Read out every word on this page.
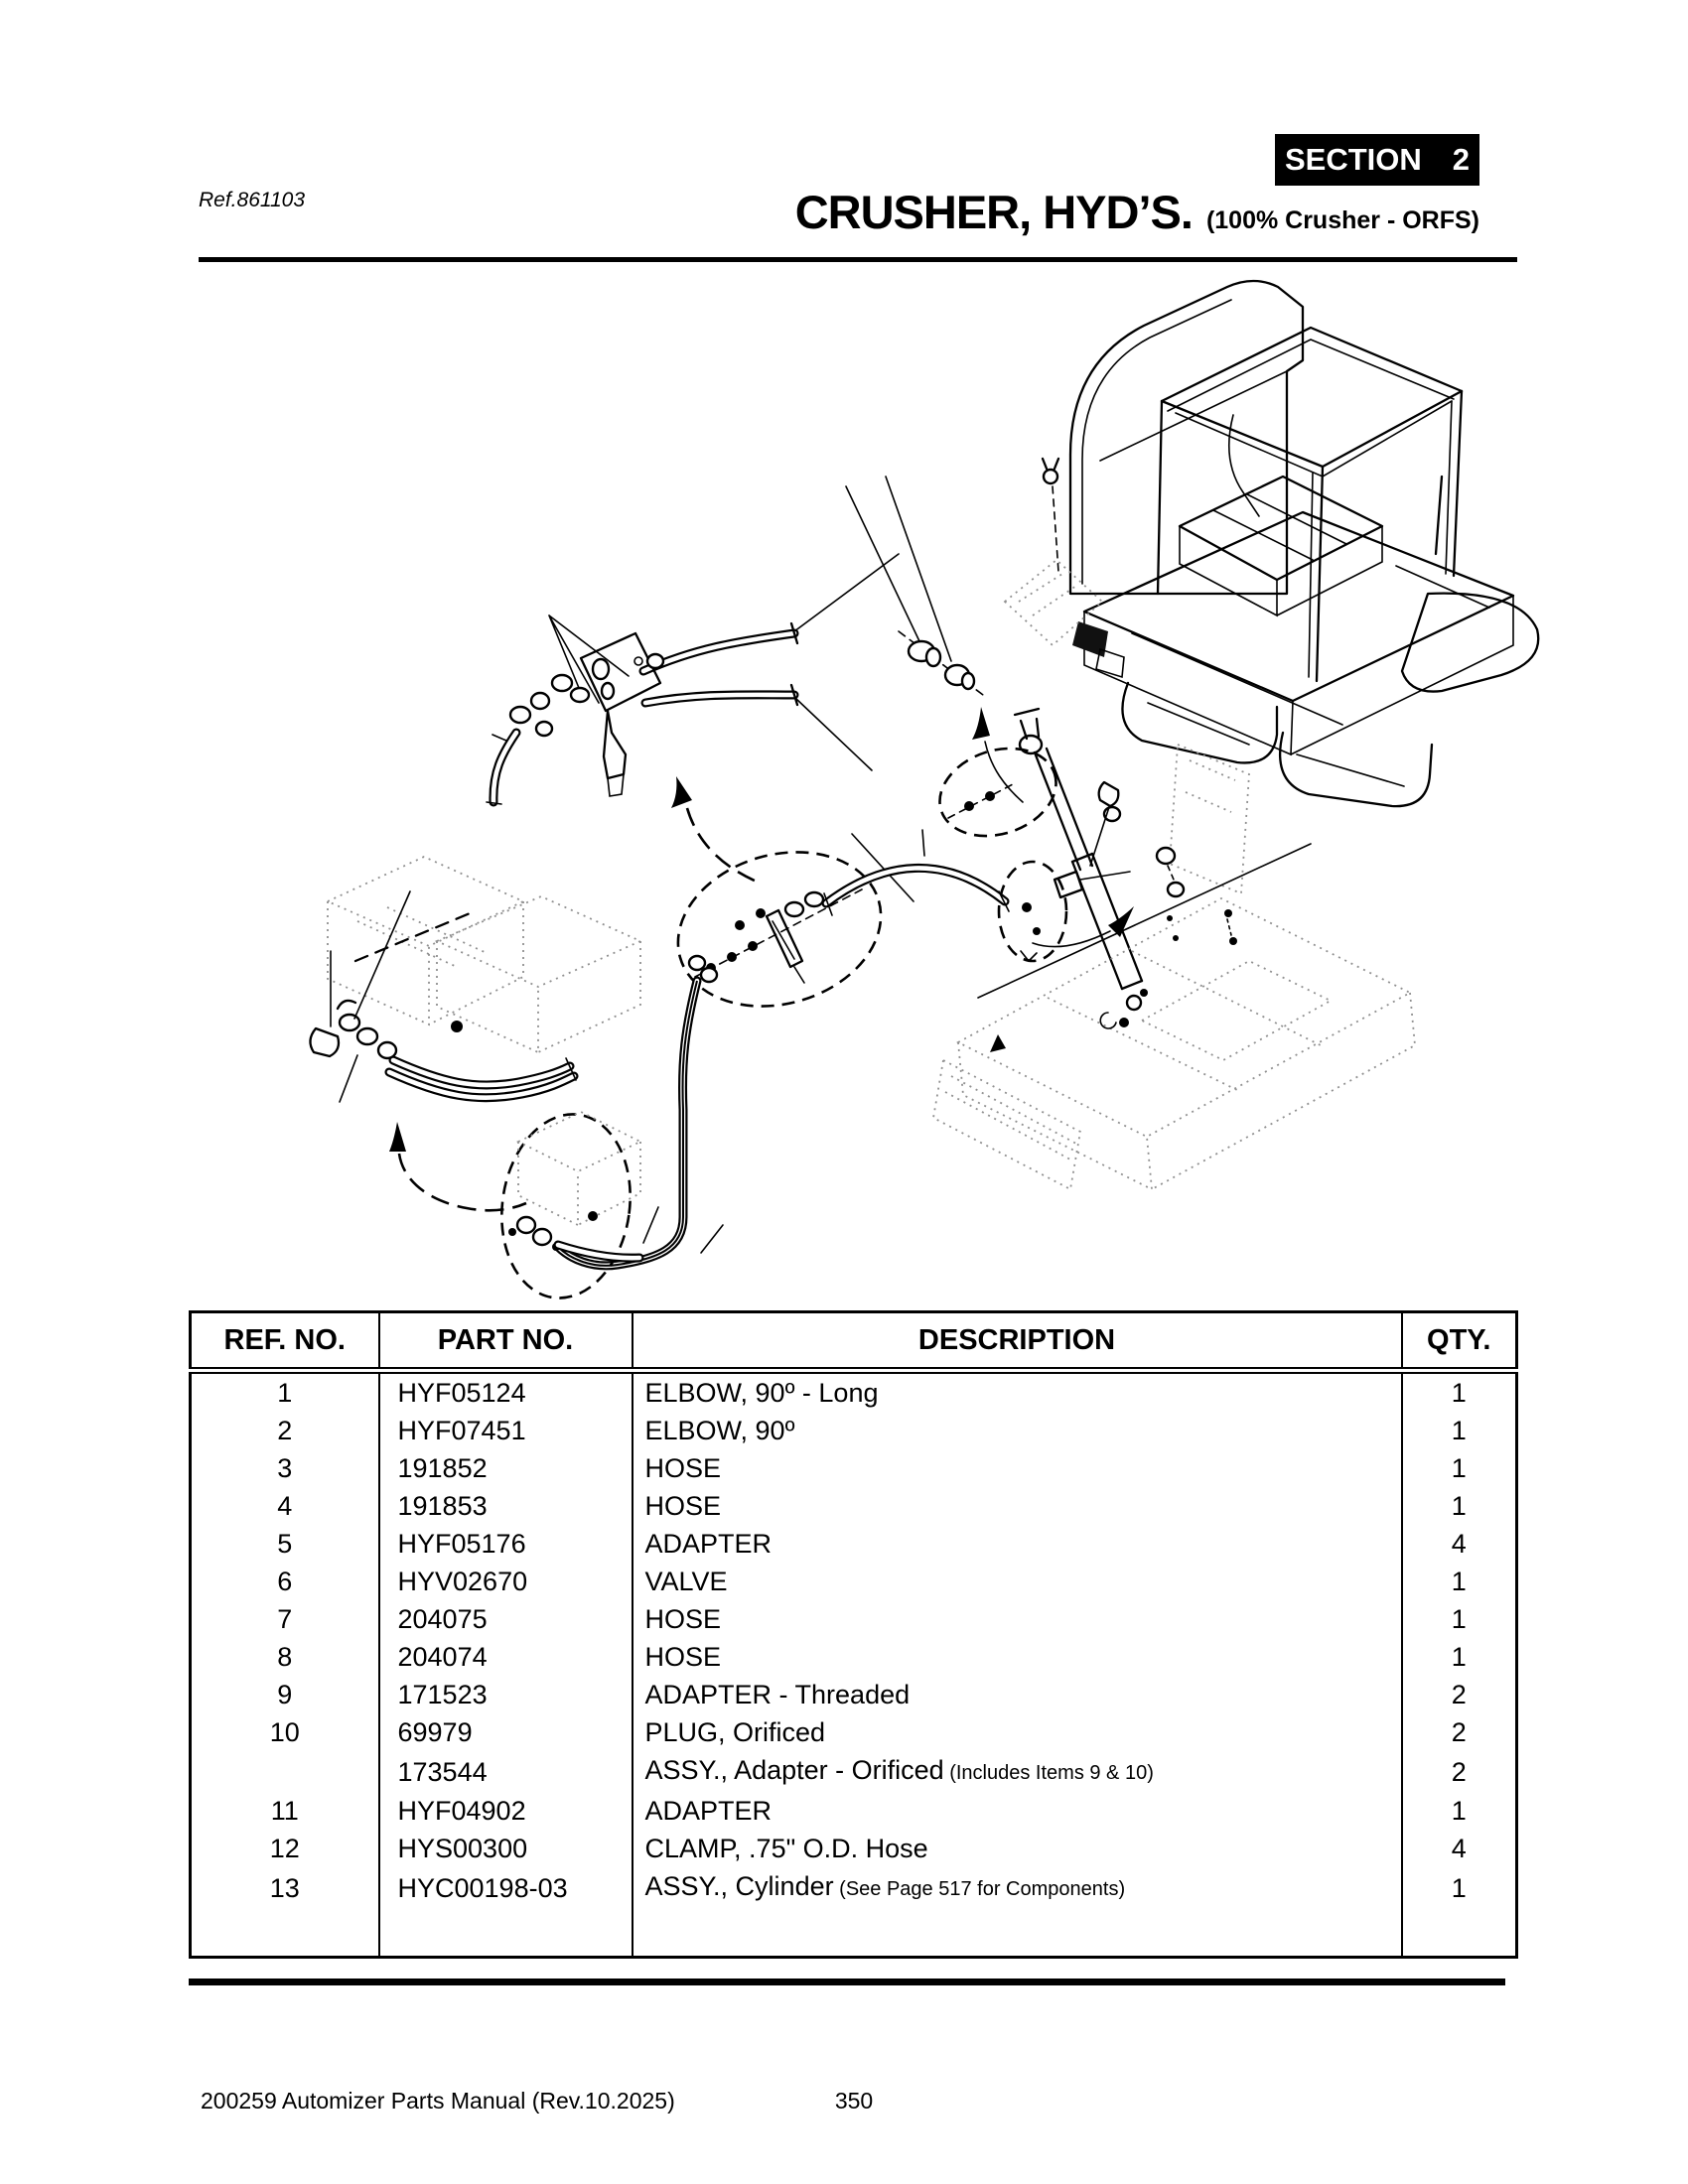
Ref.861103	CRUSHER, HYD’S. (100% Crusher - ORFS)
SECTION 2
REF. NO.	PART NO.	DESCRIPTION	QTY.
1	HYF05124	ELBOW, 90º - Long	1
2	HYF07451	ELBOW, 90º	1
3	191852	HOSE	1
4	191853	HOSE	1
5	HYF05176	ADAPTER	4
6	HYV02670	VALVE	1
7	204075	HOSE	1
8	204074	HOSE	1
9	171523	ADAPTER - Threaded	2
10	69979	PLUG, Orificed	2
	173544	ASSY., Adapter - Orificed (Includes Items 9 & 10)	2
11	HYF04902	ADAPTER	1
12	HYS00300	CLAMP, .75" O.D. Hose	4
13	HYC00198-03	ASSY., Cylinder (See Page 517 for Components)	1

200259 Automizer Parts Manual (Rev.10.2025)	350
